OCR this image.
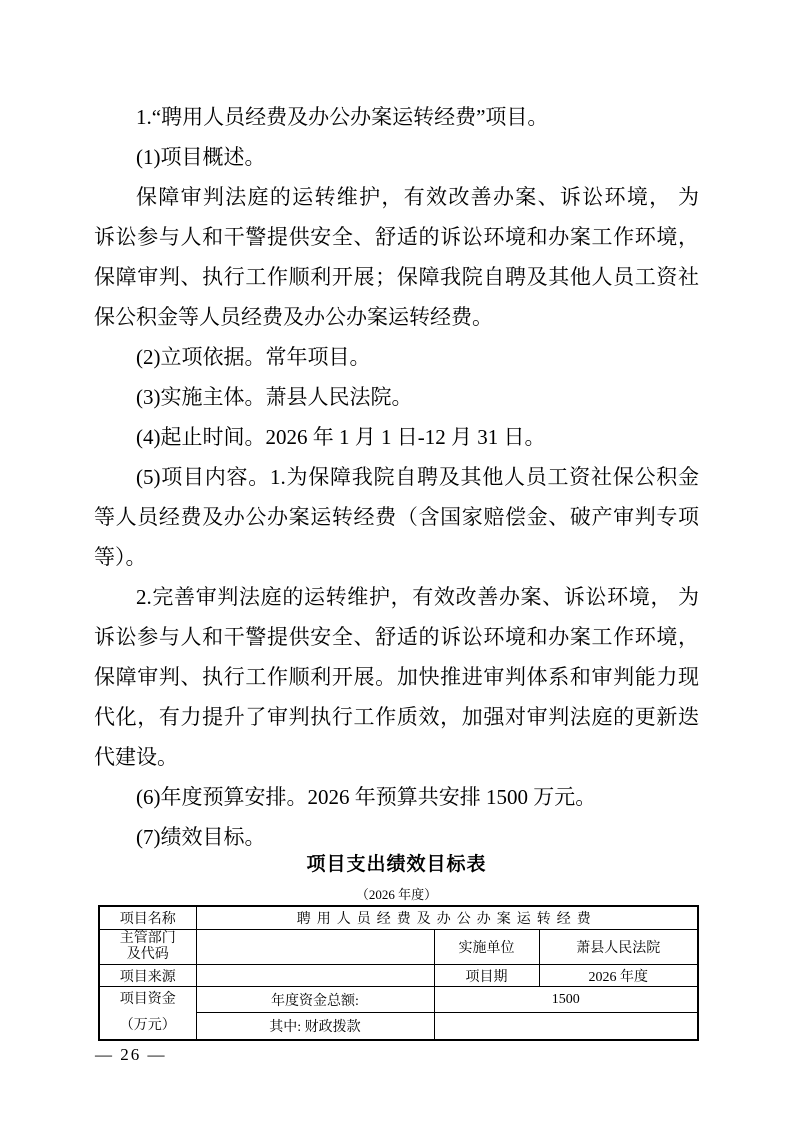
1.“聘用人员经费及办公办案运转经费”项目。
(1)项目概述。
保障审判法庭的运转维护，有效改善办案、诉讼环境， 为
诉讼参与人和干警提供安全、舒适的诉讼环境和办案工作环境，
保障审判、执行工作顺利开展；保障我院自聘及其他人员工资社
保公积金等人员经费及办公办案运转经费。
(2)立项依据。常年项目。
(3)实施主体。萧县人民法院。
(4)起止时间。2026 年 1 月 1 日-12 月 31 日。
(5)项目内容。1.为保障我院自聘及其他人员工资社保公积金
等人员经费及办公办案运转经费（含国家赔偿金、破产审判专项
等）。
2.完善审判法庭的运转维护，有效改善办案、诉讼环境， 为
诉讼参与人和干警提供安全、舒适的诉讼环境和办案工作环境，
保障审判、执行工作顺利开展。加快推进审判体系和审判能力现
代化，有力提升了审判执行工作质效，加强对审判法庭的更新迭
代建设。
(6)年度预算安排。2026 年预算共安排 1500 万元。
(7)绩效目标。
项目支出绩效目标表
（2026 年度）
项目名称	聘用人员经费及办公办案运转经费		
主管部门
及代码		实施单位	萧县人民法院
项目来源		项目期	2026 年度
项目资金
（万元）	年度资金总额:	1500	
	其中: 财政拨款		
— 26 —
